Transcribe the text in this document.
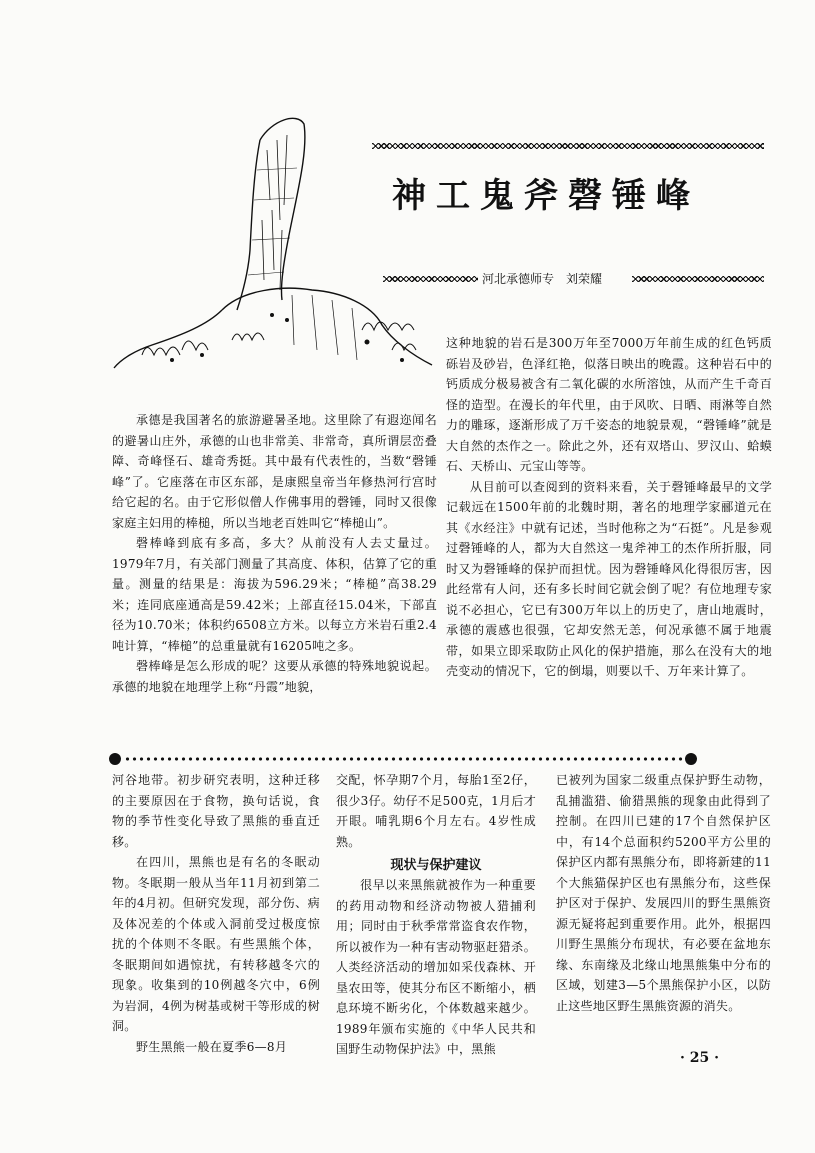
神工鬼斧磬锤峰
河北承德师专　刘荣耀

承德是我国著名的旅游避暑圣地。这里除了有遐迩闻名的避暑山庄外，承德的山也非常美、非常奇，真所谓层峦叠障、奇峰怪石、雄奇秀挺。其中最有代表性的，当数“磬锤峰”了。它座落在市区东部，是康熙皇帝当年修热河行宫时给它起的名。由于它形似僧人作佛事用的磬锤，同时又很像家庭主妇用的棒槌，所以当地老百姓叫它“棒槌山”。

磬棒峰到底有多高，多大？从前没有人去丈量过。1979年7月，有关部门测量了其高度、体积，估算了它的重量。测量的结果是：海拔为596.29米；“棒槌”高38.29米；连同底座通高是59.42米；上部直径15.04米，下部直径为10.70米；体积约6508立方米。以每立方米岩石重2.4吨计算，“棒槌”的总重量就有16205吨之多。

磬棒峰是怎么形成的呢？这要从承德的特殊地貌说起。承德的地貌在地理学上称“丹霞”地貌，

这种地貌的岩石是300万年至7000万年前生成的红色钙质砾岩及砂岩，色泽红艳，似落日映出的晚霞。这种岩石中的钙质成分极易被含有二氧化碳的水所溶蚀，从而产生千奇百怪的造型。在漫长的年代里，由于风吹、日晒、雨淋等自然力的雕琢，逐渐形成了万千姿态的地貌景观，“磬锤峰”就是大自然的杰作之一。除此之外，还有双塔山、罗汉山、蛤蟆石、天桥山、元宝山等等。

从目前可以查阅到的资料来看，关于磬锤峰最早的文学记载远在1500年前的北魏时期，著名的地理学家郦道元在其《水经注》中就有记述，当时他称之为“石挺”。凡是参观过磬锤峰的人，都为大自然这一鬼斧神工的杰作所折服，同时又为磬锤峰的保护而担忧。因为磬锤峰风化得很厉害，因此经常有人问，还有多长时间它就会倒了呢？有位地理专家说不必担心，它已有300万年以上的历史了，唐山地震时，承德的震感也很强，它却安然无恙，何况承德不属于地震带，如果立即采取防止风化的保护措施，那么在没有大的地壳变动的情况下，它的倒塌，则要以千、万年来计算了。

河谷地带。初步研究表明，这种迁移的主要原因在于食物，换句话说，食物的季节性变化导致了黑熊的垂直迁移。

在四川，黑熊也是有名的冬眠动物。冬眠期一般从当年11月初到第二年的4月初。但研究发现，部分伤、病及体况差的个体或入洞前受过极度惊扰的个体则不冬眠。有些黑熊个体，冬眠期间如遇惊扰，有转移越冬穴的现象。收集到的10例越冬穴中，6例为岩洞，4例为树基或树干等形成的树洞。

野生黑熊一般在夏季6—8月

交配，怀孕期7个月，每胎1至2仔，很少3仔。幼仔不足500克，1月后才开眼。哺乳期6个月左右。4岁性成熟。

现状与保护建议

很早以来黑熊就被作为一种重要的药用动物和经济动物被人猎捕利用；同时由于秋季常常盗食农作物，所以被作为一种有害动物驱赶猎杀。人类经济活动的增加如采伐森林、开垦农田等，使其分布区不断缩小，栖息环境不断劣化，个体数越来越少。1989年颁布实施的《中华人民共和国野生动物保护法》中，黑熊

已被列为国家二级重点保护野生动物，乱捕滥猎、偷猎黑熊的现象由此得到了控制。在四川已建的17个自然保护区中，有14个总面积约5200平方公里的保护区内都有黑熊分布，即将新建的11个大熊猫保护区也有黑熊分布，这些保护区对于保护、发展四川的野生黑熊资源无疑将起到重要作用。此外，根据四川野生黑熊分布现状，有必要在盆地东缘、东南缘及北缘山地黑熊集中分布的区域，划建3—5个黑熊保护小区，以防止这些地区野生黑熊资源的消失。

· 25 ·
